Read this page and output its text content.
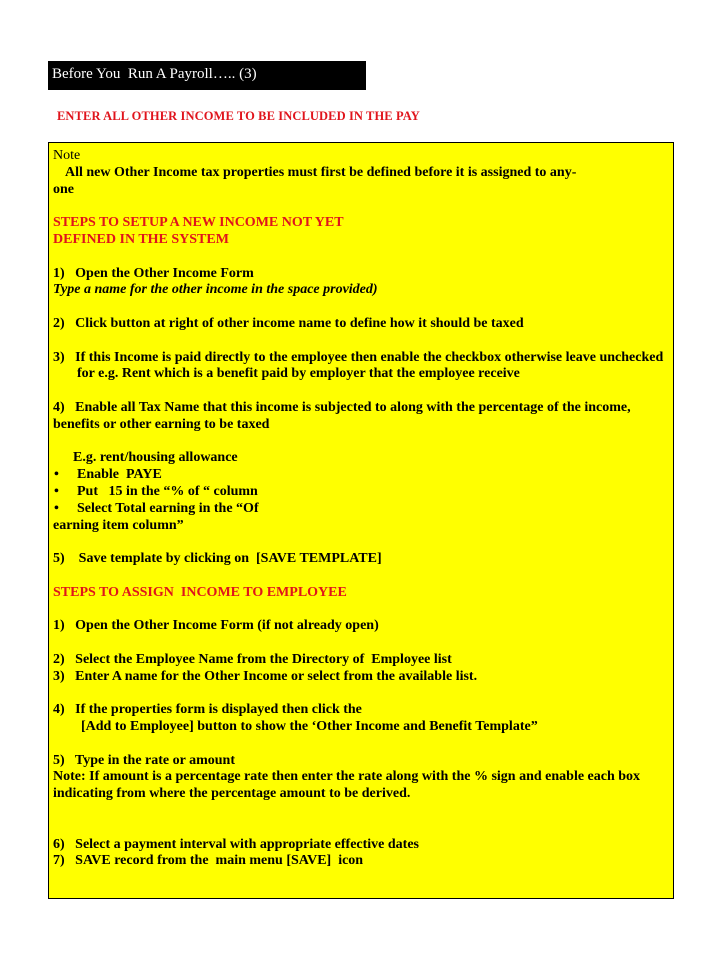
Before You  Run A Payroll….. (3)
ENTER ALL OTHER INCOME TO BE INCLUDED IN THE PAY
Note
All new Other Income tax properties must first be defined before it is assigned to any-
one
STEPS TO SETUP A NEW INCOME NOT YET
DEFINED IN THE SYSTEM
1)   Open the Other Income Form
Type a name for the other income in the space provided)
2)   Click button at right of other income name to define how it should be taxed
3)   If this Income is paid directly to the employee then enable the checkbox otherwise leave unchecked for e.g. Rent which is a benefit paid by employer that the employee receive
4)   Enable all Tax Name that this income is subjected to along with the percentage of the income,  benefits or other earning to be taxed
E.g. rent/housing allowance
• Enable  PAYE
• Put   15 in the “% of “ column
• Select Total earning in the “Of
earning item column”
5)    Save template by clicking on  [SAVE TEMPLATE]
STEPS TO ASSIGN  INCOME TO EMPLOYEE
1)   Open the Other Income Form (if not already open)
2)   Select the Employee Name from the Directory of  Employee list
3)   Enter A name for the Other Income or select from the available list.
4)   If the properties form is displayed then click the
[Add to Employee] button to show the ‘Other Income and Benefit Template”
5)   Type in the rate or amount
Note: If amount is a percentage rate then enter the rate along with the % sign and enable each box indicating from where the percentage amount to be derived.
6)   Select a payment interval with appropriate effective dates
7)   SAVE record from the  main menu [SAVE]  icon
